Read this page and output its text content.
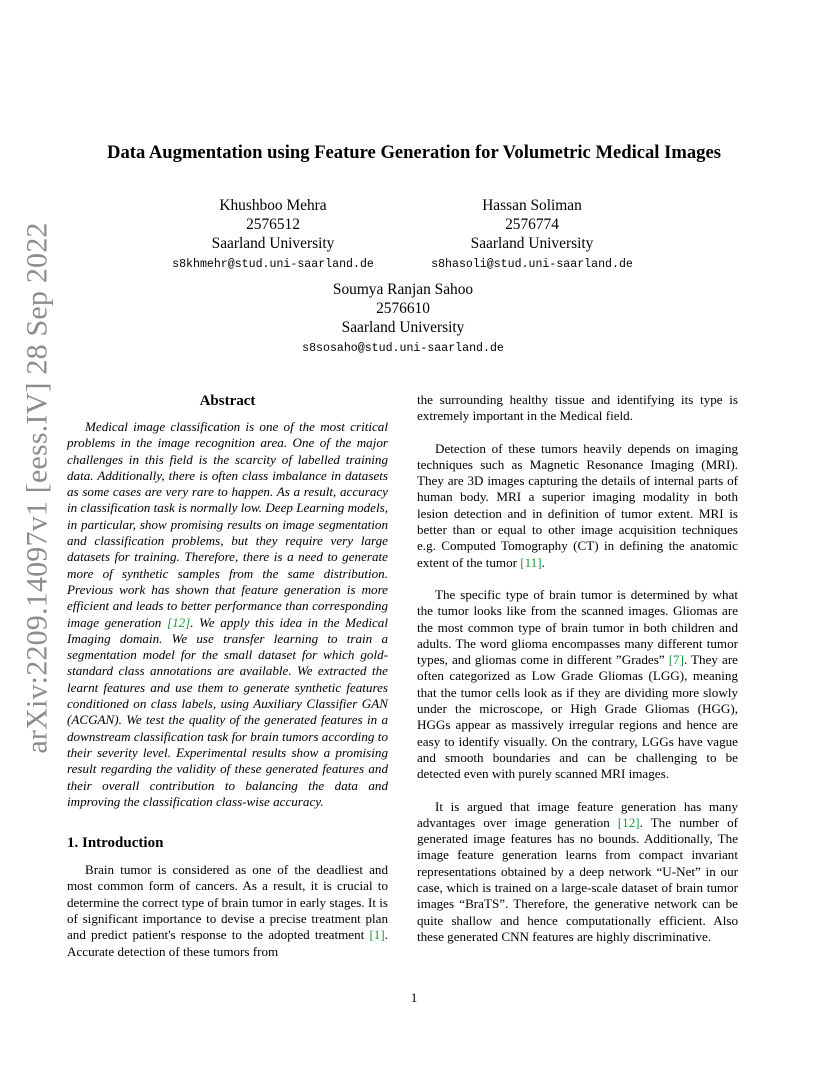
arXiv:2209.14097v1 [eess.IV] 28 Sep 2022
Data Augmentation using Feature Generation for Volumetric Medical Images
Khushboo Mehra
2576512
Saarland University
s8khmehr@stud.uni-saarland.de
Hassan Soliman
2576774
Saarland University
s8hasoli@stud.uni-saarland.de
Soumya Ranjan Sahoo
2576610
Saarland University
s8sosaho@stud.uni-saarland.de
Abstract

Medical image classification is one of the most critical problems in the image recognition area. One of the major challenges in this field is the scarcity of labelled training data. Additionally, there is often class imbalance in datasets as some cases are very rare to happen. As a result, accuracy in classification task is normally low. Deep Learning models, in particular, show promising results on image segmentation and classification problems, but they require very large datasets for training. Therefore, there is a need to generate more of synthetic samples from the same distribution. Previous work has shown that feature generation is more efficient and leads to better performance than corresponding image generation [12]. We apply this idea in the Medical Imaging domain. We use transfer learning to train a segmentation model for the small dataset for which gold-standard class annotations are available. We extracted the learnt features and use them to generate synthetic features conditioned on class labels, using Auxiliary Classifier GAN (ACGAN). We test the quality of the generated features in a downstream classification task for brain tumors according to their severity level. Experimental results show a promising result regarding the validity of these generated features and their overall contribution to balancing the data and improving the classification class-wise accuracy.

1. Introduction

Brain tumor is considered as one of the deadliest and most common form of cancers. As a result, it is crucial to determine the correct type of brain tumor in early stages. It is of significant importance to devise a precise treatment plan and predict patient's response to the adopted treatment [1]. Accurate detection of these tumors from

the surrounding healthy tissue and identifying its type is extremely important in the Medical field.

Detection of these tumors heavily depends on imaging techniques such as Magnetic Resonance Imaging (MRI). They are 3D images capturing the details of internal parts of human body. MRI a superior imaging modality in both lesion detection and in definition of tumor extent. MRI is better than or equal to other image acquisition techniques e.g. Computed Tomography (CT) in defining the anatomic extent of the tumor [11].

The specific type of brain tumor is determined by what the tumor looks like from the scanned images. Gliomas are the most common type of brain tumor in both children and adults. The word glioma encompasses many different tumor types, and gliomas come in different ”Grades” [7]. They are often categorized as Low Grade Gliomas (LGG), meaning that the tumor cells look as if they are dividing more slowly under the microscope, or High Grade Gliomas (HGG), HGGs appear as massively irregular regions and hence are easy to identify visually. On the contrary, LGGs have vague and smooth boundaries and can be challenging to be detected even with purely scanned MRI images.

It is argued that image feature generation has many advantages over image generation [12]. The number of generated image features has no bounds. Additionally, The image feature generation learns from compact invariant representations obtained by a deep network “U-Net” in our case, which is trained on a large-scale dataset of brain tumor images “BraTS”. Therefore, the generative network can be quite shallow and hence computationally efficient. Also these generated CNN features are highly discriminative.

1
